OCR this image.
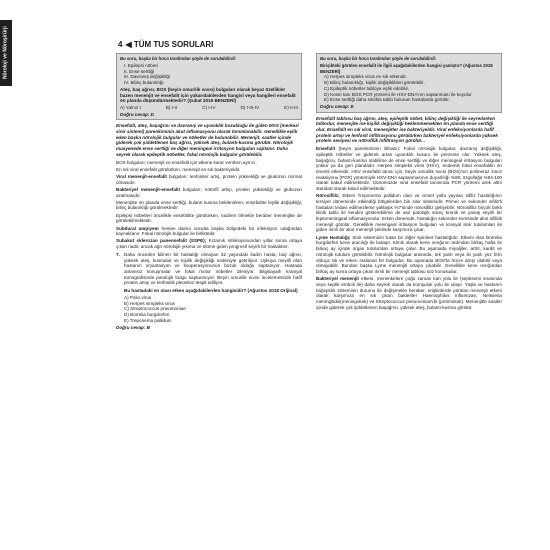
Nöroloji ve Nöroşirürji	4 ◀ TÜM TUS SORULARI
Bu soru, başka bir hoca tarafından şöyle de sorulabilirdi:
I. Epilepsi nöbeti
II. Ense sertliği
III. Davranış değişikliği
IV. Bilinç bulanıklığı
Ateş, baş ağrısı, BOS (beyin omurilik sıvısı) bulguları olarak beyaz özellikler bazen menenjit ve ensefalit için yukarıdakilerden hangisi veya hangileri ensefalit ön planda düşündürmektedir? (Şubat 2019 BENZERİ)
A) Yalnız I	B) I-II	C) I-IV	D) I-III-IV	E) II-III
Doğru cevap: D
Ensefalit, ateş, başağrısı ve davranış ve uyanıklık bozukluğu ile giden MSS (merkezi sinir sistemi) parenkiminin akut inflamasyonu olarak tanımlanabilir. Genellikle eşlik eden başka nörolojik bulgular ve nöbetler de bulunabilir. Menenjit, saatler içinde giderek çok şiddetlenen baş ağrısı, yüksek ateş, bulantı-kusma görülür. Nörolojik muayenede ense sertliği ve diğer meningeal irritasyon bulguları saptanır. Daha seyrek olarak epileptik nöbetler, fokal nörolojik bulgular görülebilir.
BOS bulguları; menenjit ve ensefalit için etkene karar verirken ayırıcı;
En sık viral ensefalit görülürken, menenjit en sık bakteriyeldir.
Viral menenjit-ensefalit bulguları; lenfositer artış, protein yüksekliği ve glukozun normal olmasıdır.
Bakteriyel menenjit-ensefalit bulguları; nötrofil artışı, protein yüksekliği ve glukozun azalmasıdır.
Menenjitte ön planda ense sertliği, bulantı kusma beklenirken; ensefalitte kişilik değişikliği, bilinç bulanıklığı görülmektedir.
Epilepsi nöbetleri öncelikle ensefalitte görülürken, nadiren ölmekle beraber menenjitte de görülebilmektedir.
Subdural ampiyem hemen daima vücutta başka bölgedeki bir infeksiyon odağından kaynaklanır. Fokal nörolojik bulgular ile birliktedir.
Subakut sklerozan panensefalit (SSPE); Kızamık infeksiyonundan yıllar sonra ortaya çıkan nadir, ancak ağır nörolojik yıkıma ve ölüme giden progresif seyirli bir hastalıktır.
7. Daha önceden bilinen bir hastalığı olmayan 32 yaşındaki kadın hasta; baş ağrısı, yüksek ateş, kusmalar ve kişilik değişikliği nedeniyle getiriliyor. Uykuya meyilli olan hastanın oryantasyon ve kooperasyonunun bozuk olduğu saptanıyor. Hastada anlamsız konuşmalar ve fokal motor nöbetler izleniyor. Bilgisayarlı kraniyal tomografisinde patolojik bulgu saptanmıyor. Beyin omurilik sıvısı incelemesinde hafif protein artışı ve lenfositik pleositoz tespit ediliyor.
Bu hastadaki en olası etken aşağıdakilerden hangisidir? (Ağustos 2018 Orijinal)
A) Polio virus
B) Herpes simpleks virus
C) Streptococcus pneumoniae
D) Borrelia burgdorferi
E) Treponema pallidum
Doğru cevap: B
Bu soru, başka bir hoca tarafından şöyle de sorulabilirdi:
Birişikteki görülen ensefalit ile ilgili aşağıdakilerden hangisi yanlıştır? (Ağustos 2018 BENZERİ)
A) Herpes simpleks virus en sık etkendir.
B) Bilinç bulanıklığı, kişilik değişiklikleri görülebilir.
C) Epileptik nöbetler tabloya eşlik edebilir.
D) Kesin tanı BOS PCR yöntemi ile HSV-DNA'nın saptanması ile koyulur.
E) Ense sertliği daha sıklıkla tablo bulunan hastalarda görülür.
Doğru cevap: E
Ensefalit tablosu baş ağrısı, ateş, epileptik nöbet, bilinç değişikliği ile seyrederken tablodur, menenjite ise kişilik değişikliği beklenmemekten ön planda ense sertliği olur. Ensefalit en sık viral, menenjitler ise bakteriyeldir. Viral enfeksiyonlarda hafif protein artışı ve lenfosit infiltrasyonu görülürken bakteriyel enfeksiyonlarda yüksek protein seviyesi ve nötrofilik infiltrasyon görülür...
Ensefalit (beyin parenkiminin iltihabı): Fokal nörolojik bulgular, davranış değişikliği, epileptik nöbetler ve giderek artan uyanıklık kusuru ile prezente olur. Yüksek ateş, başağrısı, bulantı-kusma olabilirse de ense sertliği ve diğer meningeal irritasyon bulguları yoktur ya da geri plandadır. Herpes simpleks virüs (HSV), endemik fokal ensefalitin en önemli etkenidir. HSV ensefaliti tanısı için; beyin omurilik sıvısı (BOS)'nın polimeraz zincir reaksiyonu (PCR) yöntemiyle HSV-DNA saptanmasının duyarlılığı %98; özgüllüğü %94-100 olarak kabul edilmektedir. Günümüzde viral ensefalit tanısında PCR yöntemi artık altın standart olarak kabul edilmektedir.
Nörosifiliz; Etkeni Treponema pallidum olan ve cinsel yolla yayılan sifiliz hastalığının tersiyer döneminde etkilediği bölgelerden biri sinir sistemidir. Primer ve sekonder sifiliz'li hastaları tedavi edilmezlerse yaklaşık %7'sinde nörosifiliz gelişebilir. Nörosifiliz birçok farklı klinik tablo ile kendini gösterebilirse de asıl patolojik süreç kronik ve yavaş seyirli bir leptomeningeal inflamasyondur. Erken dönemde, hastalığın sekonder evresinde akut sifilitik menenjit görülür. Genellikle meningeal irritasyon bulguları ve kranyal sinir tutulumları ile giden ılımlı bir akut menenjit şeklinde karşımıza çıkar.
Lyme Hastalığı; Sinir sisteminin tutan bir diğer spiroket hastalığıdır. Etkeni olan Borrelia burgdorferi kene aracılığı ile bulaşır. Klinik olarak kene ısırığının ardından birkaç hafta ile birkaç ay içinde organ tutulumları ortaya çıkar. Bu aşamada miyaljiler, artrit, kardit ve nörolojik tutulum görülebilir. Nörolojik bulgular arasında, tek yanlı veya iki yanlı yüz felci olduça sık ve erken raslanan bir bulgudur. Bu aşamada BOS'ta hücre artışı olabilir veya olmayabilir. Bundan başka Lyme menenjiti ortaya çıkabilir. Genellikle kene ısırığından birkaç ay sonra ortaya çıkan ılımlı bir menenjit tablosu söz konusudur.
Bakteriyel menenjit etkeni, menenkelere çoğu zaman kan yolu ile (septisemi sırasında veya septik emboli ile) daha seyrek olarak da komşuluk yolu ile ulaşır. Yaşla ve hastanın bağışıklık sisteminin durumu ile değişmekle beraber, erişkinlerde pürülan menenjit etkeni olarak karşımıza en sık çıkan bakteriler Haemophilus influenzae, Neisseria meningitidis(meningokok) ve Streptococcus pneumoniae'dir (pnömokok). Menenjitte saatler içinde giderek çok şiddetlenen başağrısı, yüksek ateş, bulantı-kusma görülür.
